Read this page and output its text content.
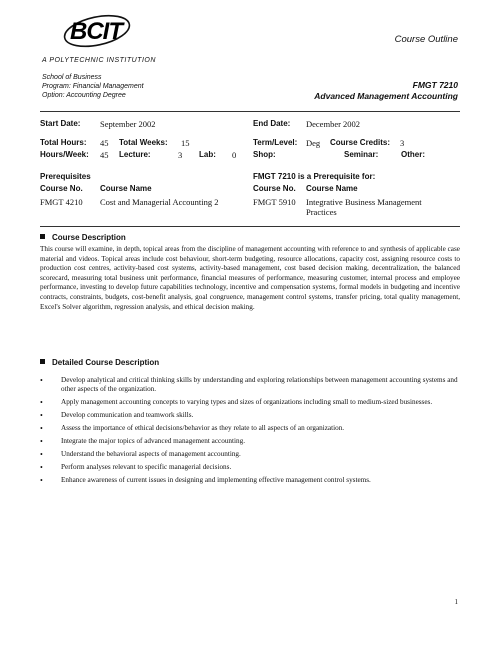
BCIT
A POLYTECHNIC INSTITUTION
Course Outline
School of Business
Program: Financial Management
Option: Accounting Degree
FMGT 7210
Advanced Management Accounting
Start Date: September 2002	End Date: December 2002
Total Hours: 45 Total Weeks: 15	Term/Level: Deg Course Credits: 3
Hours/Week: 45 Lecture:	3 Lab: 0 Shop:	Seminar:	Other:
Prerequisites
Course No. Course Name
FMGT 4210 Cost and Managerial Accounting 2
FMGT 7210 is a Prerequisite for:
Course No. Course Name
FMGT 5910 Integrative Business Management Practices
Course Description
This course will examine, in depth, topical areas from the discipline of management accounting with reference to and synthesis of applicable case material and videos. Topical areas include cost behaviour, short-term budgeting, resource allocations, capacity cost, assigning resource costs to production cost centres, activity-based cost systems, activity-based management, cost based decision making, decentralization, the balanced scorecard, measuring total business unit performance, financial measures of performance, measuring customer, internal process and employee performance, investing to develop future capabilities technology, incentive and compensation systems, formal models in budgeting and incentive contracts, constraints, budgets, cost-benefit analysis, goal congruence, management control systems, transfer pricing, total quality management, Excel's Solver algorithm, regression analysis, and ethical decision making.
Detailed Course Description
• Develop analytical and critical thinking skills by understanding and exploring relationships between management accounting systems and other aspects of the organization.
• Apply management accounting concepts to varying types and sizes of organizations including small to medium-sized businesses.
• Develop communication and teamwork skills.
• Assess the importance of ethical decisions/behavior as they relate to all aspects of an organization.
• Integrate the major topics of advanced management accounting.
• Understand the behavioral aspects of management accounting.
• Perform analyses relevant to specific managerial decisions.
• Enhance awareness of current issues in designing and implementing effective management control systems.
1
